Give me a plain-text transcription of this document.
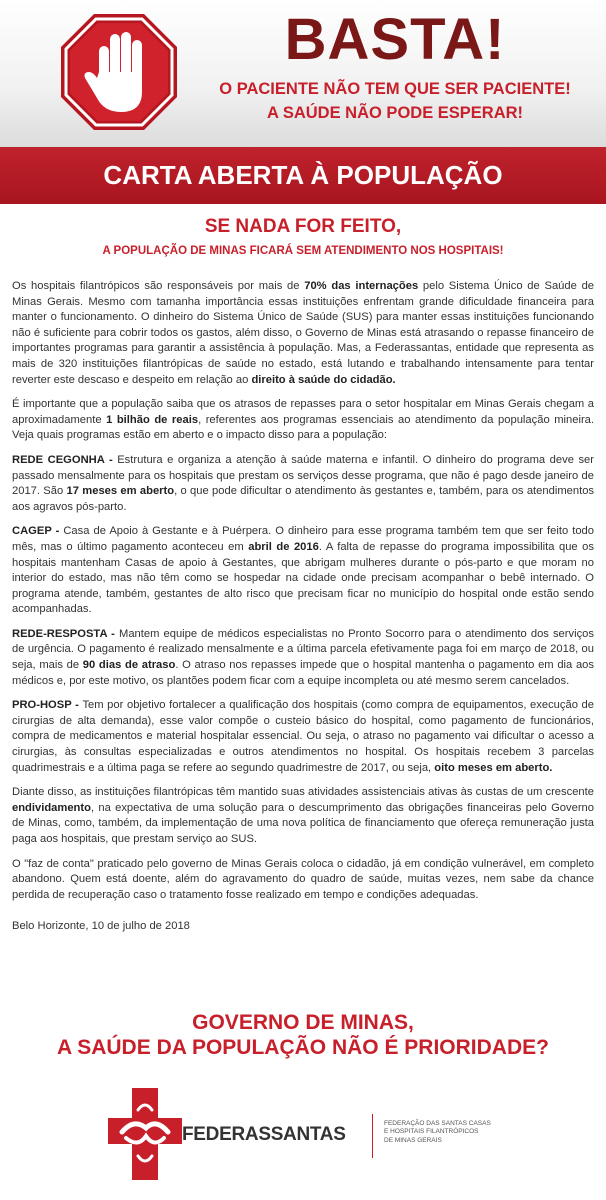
BASTA!
O PACIENTE NÃO TEM QUE SER PACIENTE!
A SAÚDE NÃO PODE ESPERAR!
CARTA ABERTA À POPULAÇÃO
SE NADA FOR FEITO,
A POPULAÇÃO DE MINAS FICARÁ SEM ATENDIMENTO NOS HOSPITAIS!

Os hospitais filantrópicos são responsáveis por mais de 70% das internações pelo Sistema Único de Saúde de Minas Gerais. Mesmo com tamanha importância essas instituições enfrentam grande dificuldade financeira para manter o funcionamento. O dinheiro do Sistema Único de Saúde (SUS) para manter essas instituições funcionando não é suficiente para cobrir todos os gastos, além disso, o Governo de Minas está atrasando o repasse financeiro de importantes programas para garantir a assistência à população. Mas, a Federassantas, entidade que representa as mais de 320 instituições filantrópicas de saúde no estado, está lutando e trabalhando intensamente para tentar reverter este descaso e despeito em relação ao direito à saúde do cidadão.

É importante que a população saiba que os atrasos de repasses para o setor hospitalar em Minas Gerais chegam a aproximadamente 1 bilhão de reais, referentes aos programas essenciais ao atendimento da população mineira. Veja quais programas estão em aberto e o impacto disso para a população:

REDE CEGONHA - Estrutura e organiza a atenção à saúde materna e infantil. O dinheiro do programa deve ser passado mensalmente para os hospitais que prestam os serviços desse programa, que não é pago desde janeiro de 2017. São 17 meses em aberto, o que pode dificultar o atendimento às gestantes e, também, para os atendimentos aos agravos pós-parto.

CAGEP - Casa de Apoio à Gestante e à Puérpera. O dinheiro para esse programa também tem que ser feito todo mês, mas o último pagamento aconteceu em abril de 2016. A falta de repasse do programa impossibilita que os hospitais mantenham Casas de apoio à Gestantes, que abrigam mulheres durante o pós-parto e que moram no interior do estado, mas não têm como se hospedar na cidade onde precisam acompanhar o bebê internado. O programa atende, também, gestantes de alto risco que precisam ficar no município do hospital onde estão sendo acompanhadas.

REDE-RESPOSTA - Mantem equipe de médicos especialistas no Pronto Socorro para o atendimento dos serviços de urgência. O pagamento é realizado mensalmente e a última parcela efetivamente paga foi em março de 2018, ou seja, mais de 90 dias de atraso. O atraso nos repasses impede que o hospital mantenha o pagamento em dia aos médicos e, por este motivo, os plantões podem ficar com a equipe incompleta ou até mesmo serem cancelados.

PRO-HOSP - Tem por objetivo fortalecer a qualificação dos hospitais (como compra de equipamentos, execução de cirurgias de alta demanda), esse valor compõe o custeio básico do hospital, como pagamento de funcionários, compra de medicamentos e material hospitalar essencial. Ou seja, o atraso no pagamento vai dificultar o acesso a cirurgias, às consultas especializadas e outros atendimentos no hospital. Os hospitais recebem 3 parcelas quadrimestrais e a última paga se refere ao segundo quadrimestre de 2017, ou seja, oito meses em aberto.

Diante disso, as instituições filantrópicas têm mantido suas atividades assistenciais ativas às custas de um crescente endividamento, na expectativa de uma solução para o descumprimento das obrigações financeiras pelo Governo de Minas, como, também, da implementação de uma nova política de financiamento que ofereça remuneração justa paga aos hospitais, que prestam serviço ao SUS.

O "faz de conta" praticado pelo governo de Minas Gerais coloca o cidadão, já em condição vulnerável, em completo abandono. Quem está doente, além do agravamento do quadro de saúde, muitas vezes, nem sabe da chance perdida de recuperação caso o tratamento fosse realizado em tempo e condições adequadas.

Belo Horizonte, 10 de julho de 2018

GOVERNO DE MINAS,
A SAÚDE DA POPULAÇÃO NÃO É PRIORIDADE?
FEDERASSANTAS
FEDERAÇÃO DAS SANTAS CASAS
E HOSPITAIS FILANTRÓPICOS
DE MINAS GERAIS
